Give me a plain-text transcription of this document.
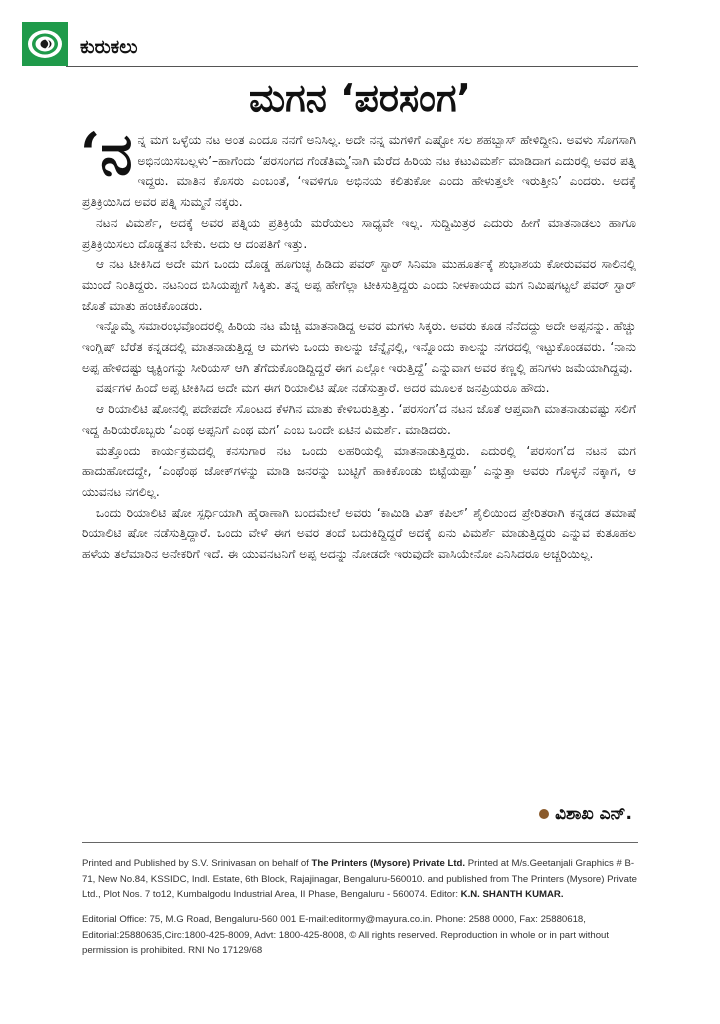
ಕುರುಕಲು
ಮಗನ ‘ಪರಸಂಗ’

‘ನ ನ್ನ ಮಗ ಒಳ್ಳೆಯ ನಟ ಅಂತ ಎಂದೂ ನನಗೆ ಅನಿಸಿಲ್ಲ. ಅದೇ ನನ್ನ ಮಗಳಿಗೆ ಎಷ್ಟೋ ಸಲ ಶಹಬ್ಬಾಸ್ ಹೇಳಿದ್ದೀನಿ. ಅವಳು ಸೊಗಸಾಗಿ ಅಭಿನಯಿಸಬಲ್ಲಳು’–ಹಾಗೆಂದು ‘ಪರಸಂಗದ ಗೆಂಡೆತಿಮ್ಮ’ನಾಗಿ ಮೆರೆದ ಹಿರಿಯ ನಟ ಕಟುವಿಮರ್ಶೆ ಮಾಡಿದಾಗ ಎದುರಲ್ಲಿ ಅವರ ಪತ್ನಿ ಇದ್ದರು. ಮಾತಿನ ಕೊಸರು ಎಂಬಂತೆ, ‘ಇವಳಿಗೂ ಅಭಿನಯ ಕಲಿತುಕೋ ಎಂದು ಹೇಳುತ್ತಲೇ ಇರುತ್ತೀನಿ’ ಎಂದರು. ಅದಕ್ಕೆ ಪ್ರತಿಕ್ರಿಯಿಸಿದ ಅವರ ಪತ್ನಿ ಸುಮ್ಮನೆ ನಕ್ಕರು.

ನಟನ ವಿಮರ್ಶೆ, ಅದಕ್ಕೆ ಅವರ ಪತ್ನಿಯ ಪ್ರತಿಕ್ರಿಯೆ ಮರೆಯಲು ಸಾಧ್ಯವೇ ಇಲ್ಲ. ಸುದ್ದಿಮಿತ್ರರ ಎದುರು ಹೀಗೆ ಮಾತನಾಡಲು ಹಾಗೂ ಪ್ರತಿಕ್ರಿಯಿಸಲು ದೊಡ್ಡತನ ಬೇಕು. ಅದು ಆ ದಂಪತಿಗೆ ಇತ್ತು.

ಆ ನಟ ಟೀಕಿಸಿದ ಅದೇ ಮಗ ಒಂದು ದೊಡ್ಡ ಹೂಗುಚ್ಛ ಹಿಡಿದು ಪವರ್ ಸ್ಟಾರ್ ಸಿನಿಮಾ ಮುಹೂರ್ತಕ್ಕೆ ಶುಭಾಶಯ ಕೋರುವವರ ಸಾಲಿನಲ್ಲಿ ಮುಂದೆ ನಿಂತಿದ್ದರು. ನಟನಿಂದ ಬಿಸಿಯಪ್ಪುಗೆ ಸಿಕ್ಕಿತು. ತನ್ನ ಅಪ್ಪ ಹೇಗೆಲ್ಲಾ ಟೀಕಿಸುತ್ತಿದ್ದರು ಎಂದು ನೀಳಕಾಯದ ಮಗ ನಿಮಿಷಗಟ್ಟಲೆ ಪವರ್ ಸ್ಟಾರ್ ಜೊತೆ ಮಾತು ಹಂಚಿಕೊಂಡರು.

ಇನ್ನೊಮ್ಮೆ ಸಮಾರಂಭವೊಂದರಲ್ಲಿ ಹಿರಿಯ ನಟ ಮೆಚ್ಚಿ ಮಾತನಾಡಿದ್ದ ಅವರ ಮಗಳು ಸಿಕ್ಕರು. ಅವರು ಕೂಡ ನೆನೆದದ್ದು ಅದೇ ಅಪ್ಪನನ್ನು. ಹೆಚ್ಚು ಇಂಗ್ಲಿಷ್ ಬೆರೆತ ಕನ್ನಡದಲ್ಲಿ ಮಾತನಾಡುತ್ತಿದ್ದ ಆ ಮಗಳು ಒಂದು ಕಾಲನ್ನು ಚೆನ್ನೈನಲ್ಲಿ, ಇನ್ನೊಂದು ಕಾಲನ್ನು ನಗರದಲ್ಲಿ ಇಟ್ಟುಕೊಂಡವರು. ‘ನಾನು ಅಪ್ಪ ಹೇಳಿದಷ್ಟು ಆ್ಯಕ್ಟಿಂಗನ್ನು ಸೀರಿಯಸ್ ಆಗಿ ತೆಗೆದುಕೊಂಡಿದ್ದಿದ್ದರೆ ಈಗ ಎಲ್ಲೋ ಇರುತ್ತಿದ್ದೆ’ ಎನ್ನುವಾಗ ಅವರ ಕಣ್ಣಲ್ಲಿ ಹನಿಗಳು ಜಮೆಯಾಗಿದ್ದವು.

ವರ್ಷಗಳ ಹಿಂದೆ ಅಪ್ಪ ಟೀಕಿಸಿದ ಅದೇ ಮಗ ಈಗ ರಿಯಾಲಿಟಿ ಷೋ ನಡೆಸುತ್ತಾರೆ. ಅದರ ಮೂಲಕ ಜನಪ್ರಿಯರೂ ಹೌದು.

ಆ ರಿಯಾಲಿಟಿ ಷೋನಲ್ಲಿ ಪದೇಪದೇ ಸೊಂಟದ ಕೆಳಗಿನ ಮಾತು ಕೇಳಿಬರುತ್ತಿತ್ತು. ‘ಪರಸಂಗ’ದ ನಟನ ಜೊತೆ ಆಪ್ತವಾಗಿ ಮಾತನಾಡುವಷ್ಟು ಸಲಿಗೆ ಇದ್ದ ಹಿರಿಯರೊಬ್ಬರು ‘ಎಂಥ ಅಪ್ಪನಿಗೆ ಎಂಥ ಮಗ’ ಎಂಬ ಒಂದೇ ಏಟಿನ ವಿಮರ್ಶೆ. ಮಾಡಿದರು.

ಮತ್ತೊಂದು ಕಾರ್ಯಕ್ರಮದಲ್ಲಿ ಕನಸುಗಾರ ನಟ ಒಂದು ಲಹರಿಯಲ್ಲಿ ಮಾತನಾಡುತ್ತಿದ್ದರು. ಎದುರಲ್ಲಿ ‘ಪರಸಂಗ’ದ ನಟನ ಮಗ ಹಾದುಹೋದದ್ದೇ, ‘ಎಂಥೆಂಥ ಜೋಕ್‌ಗಳನ್ನು ಮಾಡಿ ಜನರನ್ನು ಬುಟ್ಟಿಗೆ ಹಾಕಿಕೊಂಡು ಬಿಟ್ಟೆಯಪ್ಪಾ’ ಎನ್ನುತ್ತಾ ಅವರು ಗೊಳ್ಳನೆ ನಕ್ಕಾಗ, ಆ ಯುವನಟ ನಗಲಿಲ್ಲ.

ಒಂದು ರಿಯಾಲಿಟಿ ಷೋ ಸ್ಪರ್ಧಿಯಾಗಿ ಹೈರಾಣಾಗಿ ಬಂದಮೇಲೆ ಅವರು ‘ಕಾಮಿಡಿ ವಿತ್ ಕಪಿಲ್’ ಶೈಲಿಯಿಂದ ಪ್ರೇರಿತರಾಗಿ ಕನ್ನಡದ ತಮಾಷೆ ರಿಯಾಲಿಟಿ ಷೋ ನಡೆಸುತ್ತಿದ್ದಾರೆ. ಒಂದು ವೇಳೆ ಈಗ ಅವರ ತಂದೆ ಬದುಕಿದ್ದಿದ್ದರೆ ಅದಕ್ಕೆ ಏನು ವಿಮರ್ಶೆ ಮಾಡುತ್ತಿದ್ದರು ಎನ್ನುವ ಕುತೂಹಲ ಹಳೆಯ ತಲೆಮಾರಿನ ಅನೇಕರಿಗೆ ಇದೆ. ಈ ಯುವನಟನಿಗೆ ಅಪ್ಪ ಅದನ್ನು ನೋಡದೇ ಇರುವುದೇ ವಾಸಿಯೇನೋ ಎನಿಸಿದರೂ ಅಚ್ಚರಿಯಿಲ್ಲ.

ವಿಶಾಖ ಎನ್.
Printed and Published by S.V. Srinivasan on behalf of The Printers (Mysore) Private Ltd. Printed at M/s.Geetanjali Graphics # B-71, New No.84, KSSIDC, Indl. Estate, 6th Block, Rajajinagar, Bengaluru-560010. and published from The Printers (Mysore) Private Ltd., Plot Nos. 7 to12, Kumbalgodu Industrial Area, II Phase, Bengaluru - 560074. Editor: K.N. SHANTH KUMAR.
Editorial Office: 75, M.G Road, Bengaluru-560 001 E-mail:editormy@mayura.co.in. Phone: 2588 0000, Fax: 25880618, Editorial:25880635,Circ:1800-425-8009, Advt: 1800-425-8008, © All rights reserved. Reproduction in whole or in part without permission is prohibited. RNI No 17129/68
